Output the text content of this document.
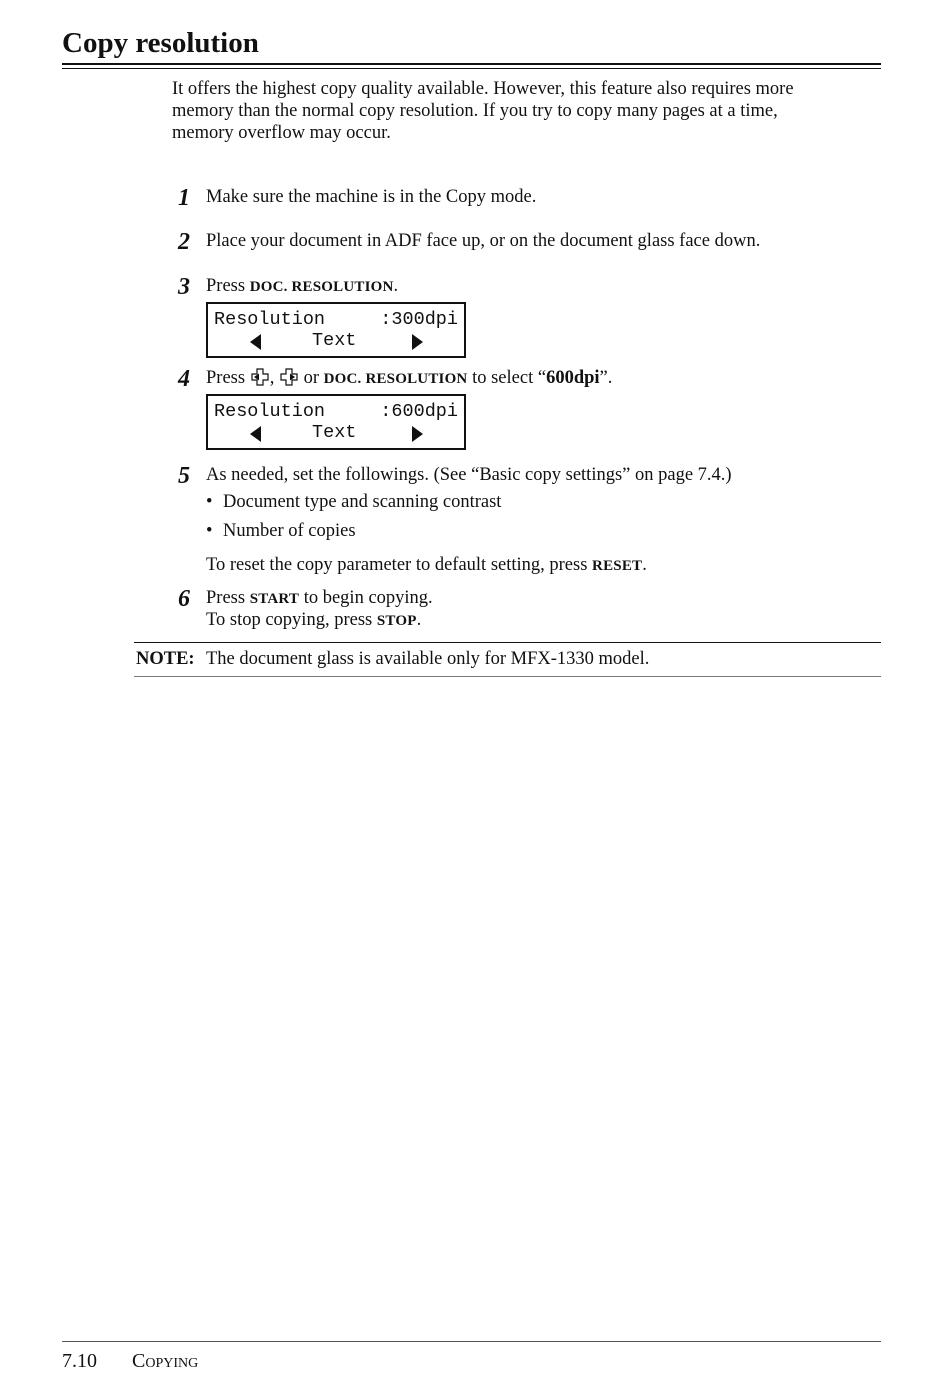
Copy resolution

It offers the highest copy quality available. However, this feature also requires more
memory than the normal copy resolution. If you try to copy many pages at a time,
memory overflow may occur.

1 Make sure the machine is in the Copy mode.
2 Place your document in ADF face up, or on the document glass face down.
3 Press DOC. RESOLUTION.
Resolution	:300dpi
Text
4 Press ,  or DOC. RESOLUTION to select “600dpi”.
Resolution	:600dpi
Text
5 As needed, set the followings. (See “Basic copy settings” on page 7.4.)
• Document type and scanning contrast
• Number of copies
To reset the copy parameter to default setting, press RESET.
6 Press START to begin copying.
To stop copying, press STOP.
NOTE: The document glass is available only for MFX-1330 model.
7.10 Copying
